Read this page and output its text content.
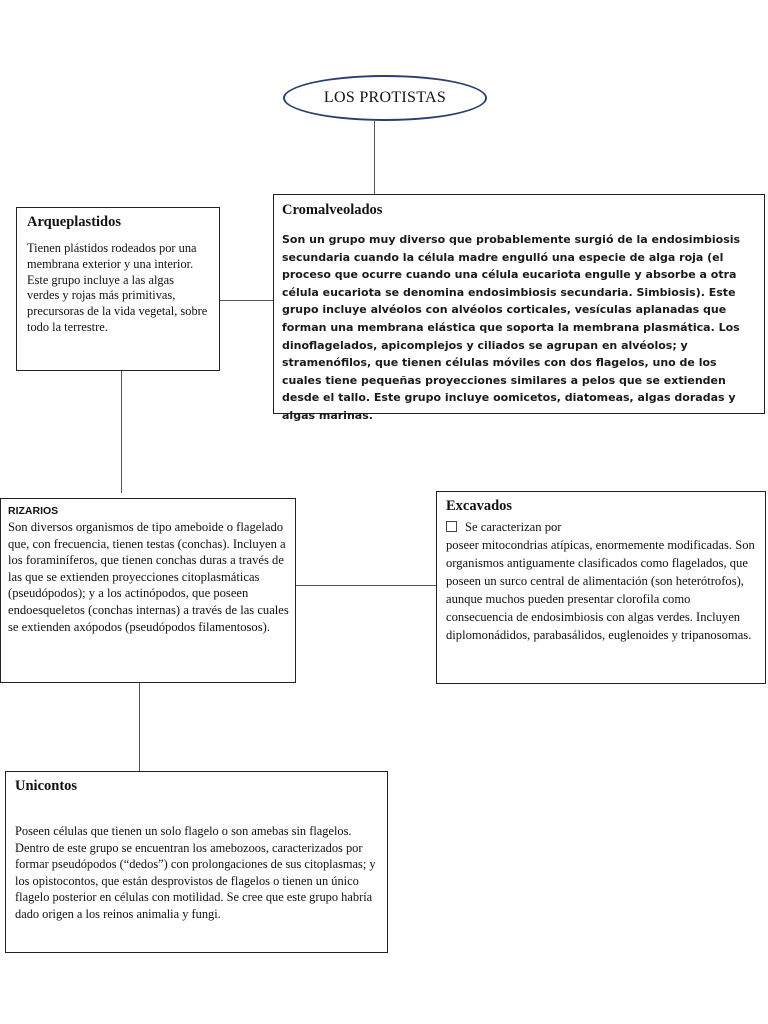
LOS PROTISTAS

Arqueplastidos

Tienen plástidos rodeados por una membrana exterior y una interior. Este grupo incluye a las algas verdes y rojas más primitivas, precursoras de la vida vegetal, sobre todo la terrestre.

Cromalveolados

Son un grupo muy diverso que probablemente surgió de la endosimbiosis secundaria cuando la célula madre engulló una especie de alga roja (el proceso que ocurre cuando una célula eucariota engulle y absorbe a otra célula eucariota se denomina endosimbiosis secundaria. Simbiosis). Este grupo incluye alvéolos con alvéolos corticales, vesículas aplanadas que forman una membrana elástica que soporta la membrana plasmática. Los dinoflagelados, apicomplejos y ciliados se agrupan en alvéolos; y stramenófilos, que tienen células móviles con dos flagelos, uno de los cuales tiene pequeñas proyecciones similares a pelos que se extienden desde el tallo. Este grupo incluye oomicetos, diatomeas, algas doradas y algas marinas.

RIZARIOS

Son diversos organismos de tipo ameboide o flagelado que, con frecuencia, tienen testas (conchas). Incluyen a los foraminíferos, que tienen conchas duras a través de las que se extienden proyecciones citoplasmáticas (pseudópodos); y a los actinópodos, que poseen endoesqueletos (conchas internas) a través de las cuales se extienden axópodos (pseudópodos filamentosos).

Excavados

Se caracterizan por

poseer mitocondrias atípicas, enormemente modificadas. Son organismos antiguamente clasificados como flagelados, que poseen un surco central de alimentación (son heterótrofos), aunque muchos pueden presentar clorofila como consecuencia de endosimbiosis con algas verdes. Incluyen diplomonádidos, parabasálidos, euglenoides y tripanosomas.

Unicontos

Poseen células que tienen un solo flagelo o son amebas sin flagelos. Dentro de este grupo se encuentran los amebozoos, caracterizados por formar pseudópodos (“dedos”) con prolongaciones de sus citoplasmas; y los opistocontos, que están desprovistos de flagelos o tienen un único flagelo posterior en células con motilidad. Se cree que este grupo habría dado origen a los reinos animalia y fungi.
